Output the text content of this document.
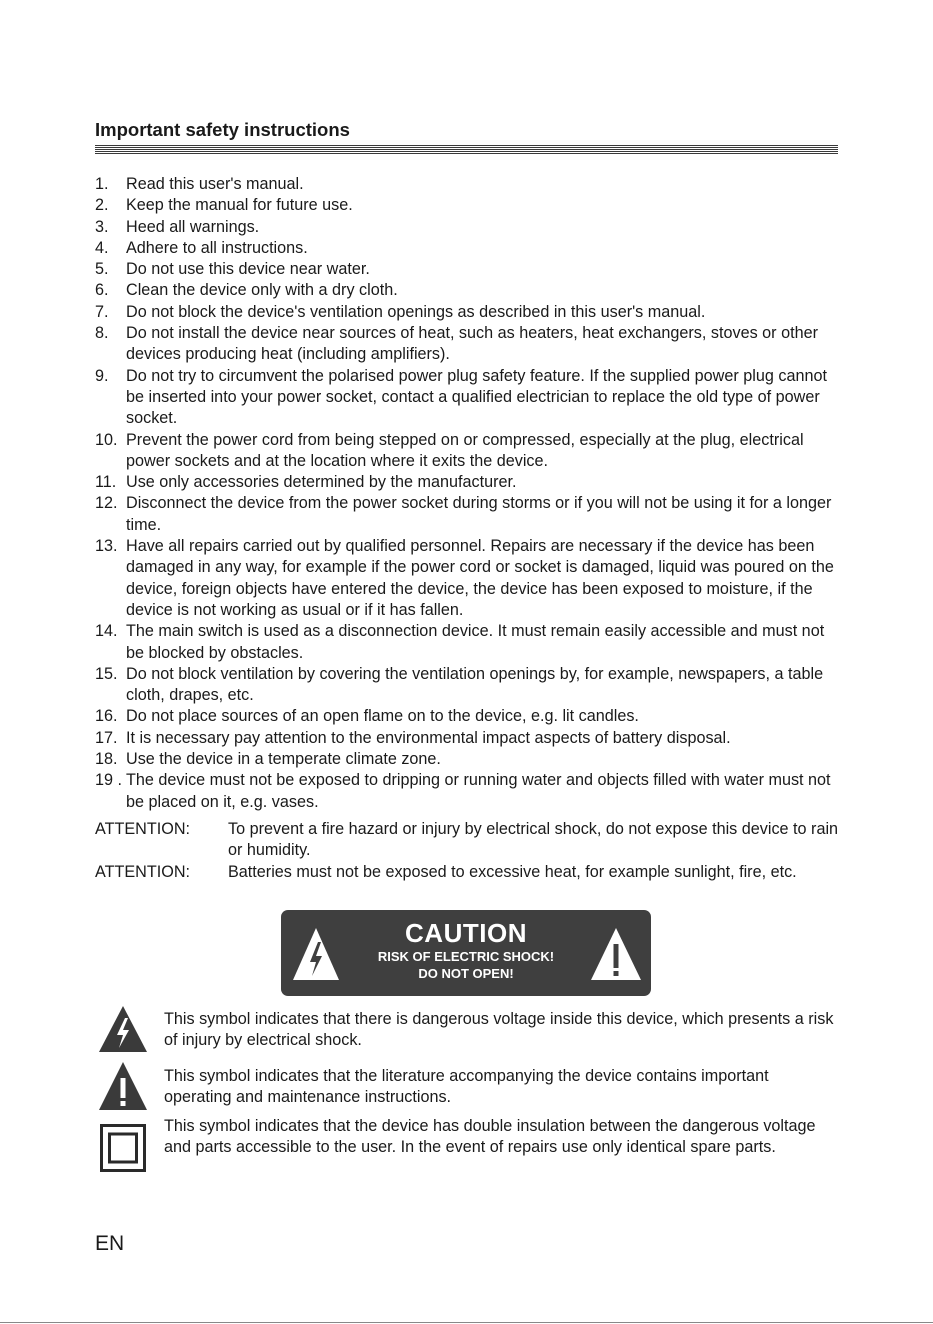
Important safety instructions
1. Read this user's manual.
2. Keep the manual for future use.
3. Heed all warnings.
4. Adhere to all instructions.
5. Do not use this device near water.
6. Clean the device only with a dry cloth.
7. Do not block the device's ventilation openings as described in this user's manual.
8. Do not install the device near sources of heat, such as heaters, heat exchangers, stoves or other devices producing heat (including amplifiers).
9. Do not try to circumvent the polarised power plug safety feature. If the supplied power plug cannot be inserted into your power socket, contact a qualified electrician to replace the old type of power socket.
10. Prevent the power cord from being stepped on or compressed, especially at the plug, electrical power sockets and at the location where it exits the device.
11. Use only accessories determined by the manufacturer.
12. Disconnect the device from the power socket during storms or if you will not be using it for a longer time.
13. Have all repairs carried out by qualified personnel. Repairs are necessary if the device has been damaged in any way, for example if the power cord or socket is damaged, liquid was poured on the device, foreign objects have entered the device, the device has been exposed to moisture, if the device is not working as usual or if it has fallen.
14. The main switch is used as a disconnection device. It must remain easily accessible and must not be blocked by obstacles.
15. Do not block ventilation by covering the ventilation openings by, for example, newspapers, a table cloth, drapes, etc.
16. Do not place sources of an open flame on to the device, e.g. lit candles.
17. It is necessary pay attention to the environmental impact aspects of battery disposal.
18. Use the device in a temperate climate zone.
19 . The device must not be exposed to dripping or running water and objects filled with water must not be placed on it, e.g. vases.
ATTENTION: To prevent a fire hazard or injury by electrical shock, do not expose this device to rain or humidity.
ATTENTION: Batteries must not be exposed to excessive heat, for example sunlight, fire, etc.
CAUTION
RISK OF ELECTRIC SHOCK!
DO NOT OPEN!
This symbol indicates that there is dangerous voltage inside this device, which presents a risk of injury by electrical shock.
This symbol indicates that the literature accompanying the device contains important operating and maintenance instructions.
This symbol indicates that the device has double insulation between the dangerous voltage and parts accessible to the user. In the event of repairs use only identical spare parts.
EN
